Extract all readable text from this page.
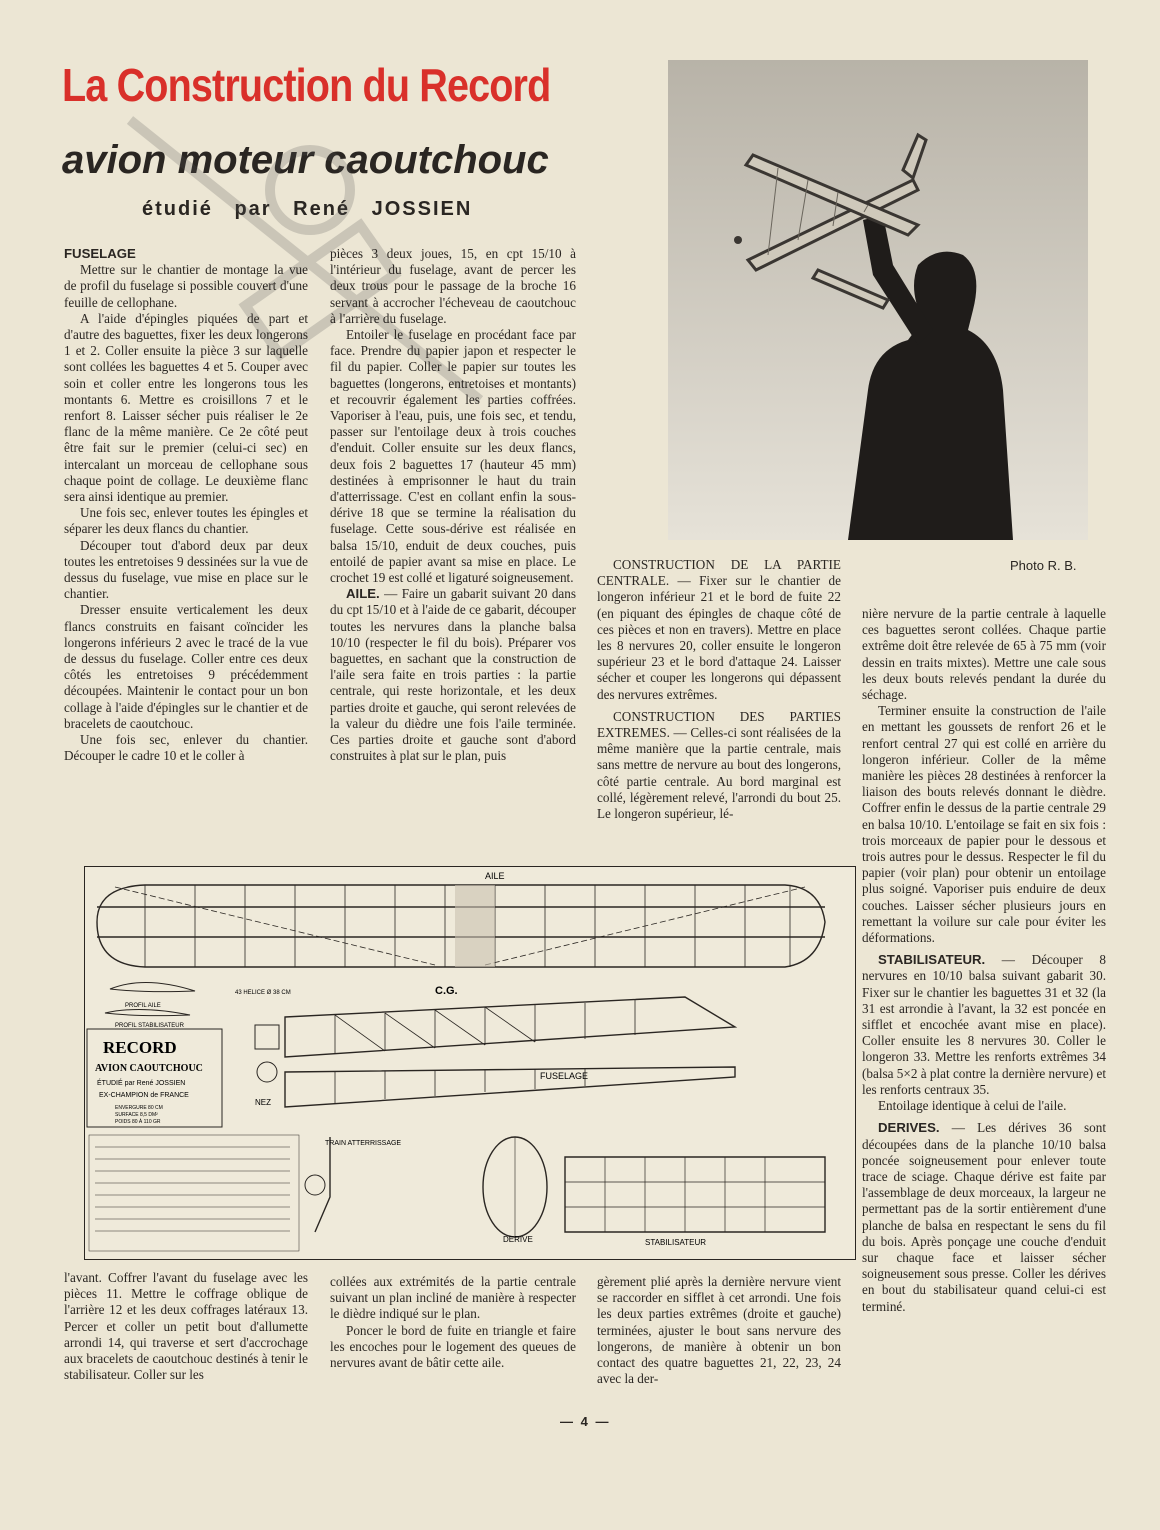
La Construction du Record
avion moteur caoutchouc
étudié par René JOSSIEN
Photo R. B.

FUSELAGE

Mettre sur le chantier de montage la vue de profil du fuselage si possible couvert d'une feuille de cellophane.

A l'aide d'épingles piquées de part et d'autre des baguettes, fixer les deux longerons 1 et 2. Coller ensuite la pièce 3 sur laquelle sont collées les baguettes 4 et 5. Couper avec soin et coller entre les longerons tous les montants 6. Mettre es croisillons 7 et le renfort 8. Laisser sécher puis réaliser le 2e flanc de la même manière. Ce 2e côté peut être fait sur le premier (celui-ci sec) en intercalant un morceau de cellophane sous chaque point de collage. Le deuxième flanc sera ainsi identique au premier.

Une fois sec, enlever toutes les épingles et séparer les deux flancs du chantier.

Découper tout d'abord deux par deux toutes les entretoises 9 dessinées sur la vue de dessus du fuselage, vue mise en place sur le chantier.

Dresser ensuite verticalement les deux flancs construits en faisant coïncider les longerons inférieurs 2 avec le tracé de la vue de dessus du fuselage. Coller entre ces deux côtés les entretoises 9 précédemment découpées. Maintenir le contact pour un bon collage à l'aide d'épingles sur le chantier et de bracelets de caoutchouc.

Une fois sec, enlever du chantier. Découper le cadre 10 et le coller à

pièces 3 deux joues, 15, en cpt 15/10 à l'intérieur du fuselage, avant de percer les deux trous pour le passage de la broche 16 servant à accrocher l'écheveau de caoutchouc à l'arrière du fuselage.

Entoiler le fuselage en procédant face par face. Prendre du papier japon et respecter le fil du papier. Coller le papier sur toutes les baguettes (longerons, entretoises et montants) et recouvrir également les parties coffrées. Vaporiser à l'eau, puis, une fois sec, et tendu, passer sur l'entoilage deux à trois couches d'enduit. Coller ensuite sur les deux flancs, deux fois 2 baguettes 17 (hauteur 45 mm) destinées à emprisonner le haut du train d'atterrissage. C'est en collant enfin la sous-dérive 18 que se termine la réalisation du fuselage. Cette sous-dérive est réalisée en balsa 15/10, enduit de deux couches, puis entoilé de papier avant sa mise en place. Le crochet 19 est collé et ligaturé soigneusement.

AILE. — Faire un gabarit suivant 20 dans du cpt 15/10 et à l'aide de ce gabarit, découper toutes les nervures dans la planche balsa 10/10 (respecter le fil du bois). Préparer vos baguettes, en sachant que la construction de l'aile sera faite en trois parties : la partie centrale, qui reste horizontale, et les deux parties droite et gauche, qui seront relevées de la valeur du dièdre une fois l'aile terminée. Ces parties droite et gauche sont d'abord construites à plat sur le plan, puis

CONSTRUCTION DE LA PARTIE CENTRALE. — Fixer sur le chantier de longeron inférieur 21 et le bord de fuite 22 (en piquant des épingles de chaque côté de ces pièces et non en travers). Mettre en place les 8 nervures 20, coller ensuite le longeron supérieur 23 et le bord d'attaque 24. Laisser sécher et couper les longerons qui dépassent des nervures extrêmes.

CONSTRUCTION DES PARTIES EXTREMES. — Celles-ci sont réalisées de la même manière que la partie centrale, mais sans mettre de nervure au bout des longerons, côté partie centrale. Au bord marginal est collé, légèrement relevé, l'arrondi du bout 25. Le longeron supérieur, lé-

nière nervure de la partie centrale à laquelle ces baguettes seront collées. Chaque partie extrême doit être relevée de 65 à 75 mm (voir dessin en traits mixtes). Mettre une cale sous les deux bouts relevés pendant la durée du séchage.

Terminer ensuite la construction de l'aile en mettant les goussets de renfort 26 et le renfort central 27 qui est collé en arrière du longeron inférieur. Coller de la même manière les pièces 28 destinées à renforcer la liaison des bouts relevés donnant le dièdre. Coffrer enfin le dessus de la partie centrale 29 en balsa 10/10. L'entoilage se fait en six fois : trois morceaux de papier pour le dessous et trois autres pour le dessus. Respecter le fil du papier (voir plan) pour obtenir un entoilage plus soigné. Vaporiser puis enduire de deux couches. Laisser sécher plusieurs jours en remettant la voilure sur cale pour éviter les déformations.

STABILISATEUR. — Découper 8 nervures en 10/10 balsa suivant gabarit 30. Fixer sur le chantier les baguettes 31 et 32 (la 31 est arrondie à l'avant, la 32 est poncée en sifflet et encochée avant mise en place). Coller ensuite les 8 nervures 30. Coller le longeron 33. Mettre les renforts extrêmes 34 (balsa 5×2 à plat contre la dernière nervure) et les renforts centraux 35.

Entoilage identique à celui de l'aile.

DERIVES. — Les dérives 36 sont découpées dans de la planche 10/10 balsa poncée soigneusement pour enlever toute trace de sciage. Chaque dérive est faite par l'assemblage de deux morceaux, la largeur ne permettant pas de la sortir entièrement d'une planche de balsa en respectant le sens du fil du bois. Après ponçage une couche d'enduit sur chaque face et laisser sécher soigneusement sous presse. Coller les dérives en bout du stabilisateur quand celui-ci est terminé.

AILE
PROFIL AILE
PROFIL STABILISATEUR
FUSELAGE
C.G.
43 HELICE Ø 38 CM
NEZ
RECORD
AVION CAOUTCHOUC
ÉTUDIÉ par René JOSSIEN
EX-CHAMPION de FRANCE
ENVERGURE 80 CM
SURFACE 8,5 DM²
POIDS 80 À 110 GR
TRAIN ATTERRISSAGE
DERIVE	STABILISATEUR

l'avant. Coffrer l'avant du fuselage avec les pièces 11. Mettre le coffrage oblique de l'arrière 12 et les deux coffrages latéraux 13. Percer et coller un petit bout d'allumette arrondi 14, qui traverse et sert d'accrochage aux bracelets de caoutchouc destinés à tenir le stabilisateur. Coller sur les

collées aux extrémités de la partie centrale suivant un plan incliné de manière à respecter le dièdre indiqué sur le plan.

Poncer le bord de fuite en triangle et faire les encoches pour le logement des queues de nervures avant de bâtir cette aile.

gèrement plié après la dernière nervure vient se raccorder en sifflet à cet arrondi. Une fois les deux parties extrêmes (droite et gauche) terminées, ajuster le bout sans nervure des longerons, de manière à obtenir un bon contact des quatre baguettes 21, 22, 23, 24 avec la der-

— 4 —
